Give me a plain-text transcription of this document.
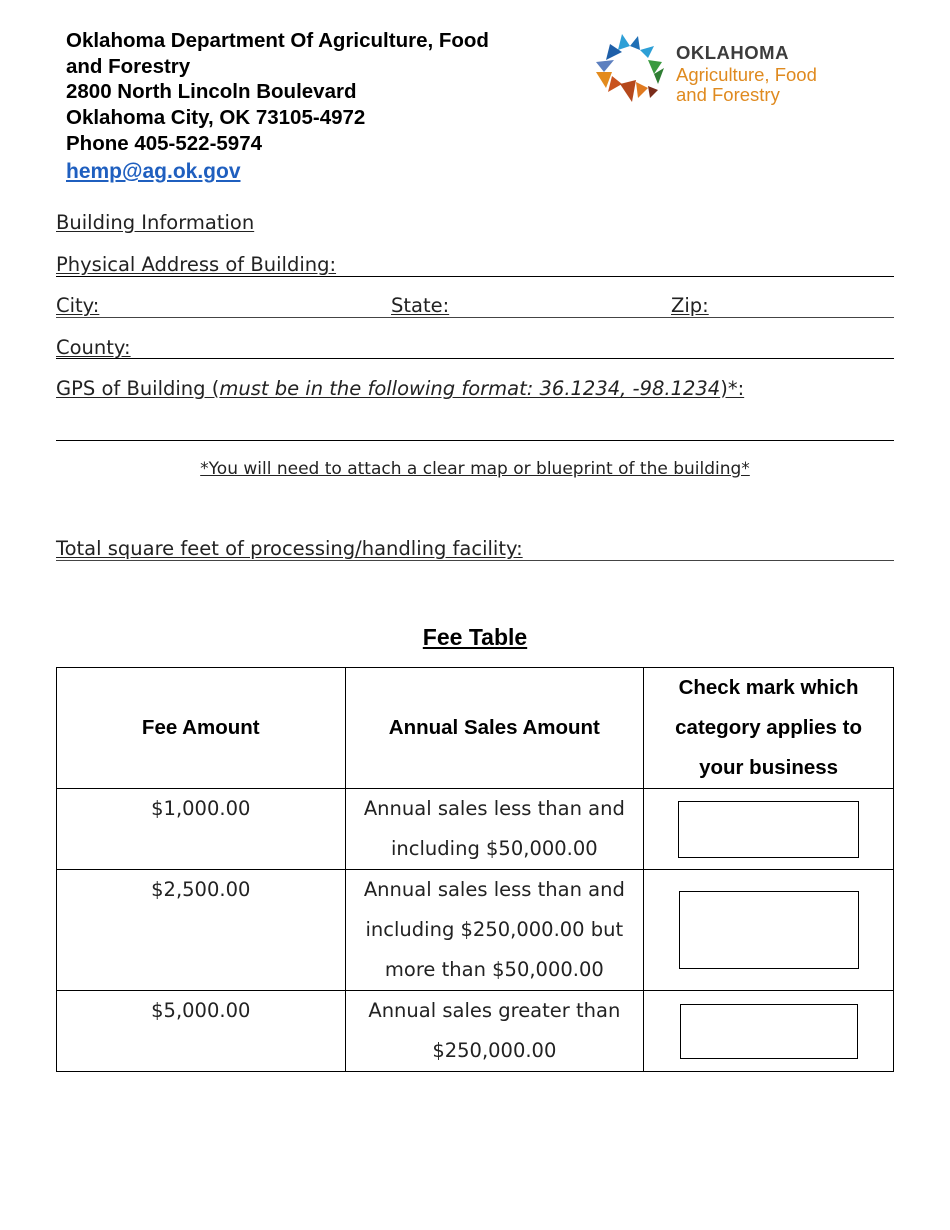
Oklahoma Department Of Agriculture, Food
and Forestry
2800 North Lincoln Boulevard
Oklahoma City, OK 73105-4972
Phone 405-522-5974
hemp@ag.ok.gov
OKLAHOMA
Agriculture, Food
and Forestry
Building Information
Physical Address of Building:
City:	State:	Zip:
County:
GPS of Building (must be in the following format: 36.1234, -98.1234)*:
*You will need to attach a clear map or blueprint of the building*
Total square feet of processing/handling facility:
Fee Table
Fee Amount	Annual Sales Amount	Check mark which
category applies to
your business

$1,000.00	Annual sales less than and
including $50,000.00	

$2,500.00	Annual sales less than and
including $250,000.00 but
more than $50,000.00	

$5,000.00	Annual sales greater than
$250,000.00	
